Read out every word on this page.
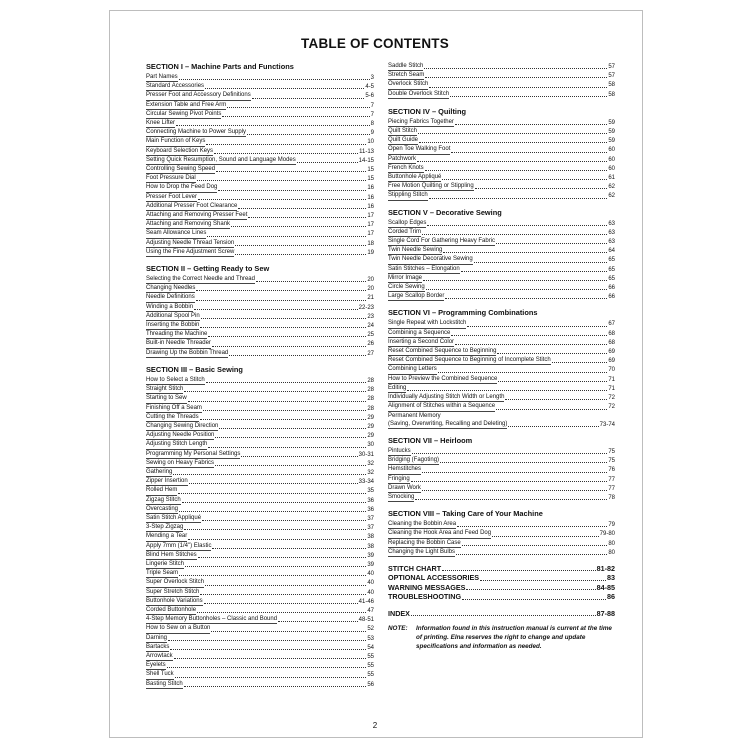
TABLE OF CONTENTS
SECTION I – Machine Parts and Functions
Part Names	3
Standard Accessories	4-5
Presser Foot and Accessory Definitions	5-6
Extension Table and Free Arm	7
Circular Sewing Pivot Points	7
Knee Lifter	8
Connecting Machine to Power Supply	9
Main Function of Keys	10
Keyboard Selection Keys	11-13
Setting Quick Resumption, Sound and Language Modes	14-15
Controlling Sewing Speed	15
Foot Pressure Dial	15
How to Drop the Feed Dog	16
Presser Foot Lever	16
Additional Presser Foot Clearance	16
Attaching and Removing Presser Feet	17
Attaching and Removing Shank	17
Seam Allowance Lines	17
Adjusting Needle Thread Tension	18
Using the Fine Adjustment Screw	19
SECTION II – Getting Ready to Sew
Selecting the Correct Needle and Thread	20
Changing Needles	20
Needle Definitions	21
Winding a Bobbin	22-23
Additional Spool Pin	23
Inserting the Bobbin	24
Threading the Machine	25
Built-in Needle Threader	26
Drawing Up the Bobbin Thread	27
SECTION III – Basic Sewing
How to Select a Stitch	28
Straight Stitch	28
Starting to Sew	28
Finishing Off a Seam	28
Cutting the Threads	29
Changing Sewing Direction	29
Adjusting Needle Position	29
Adjusting Stitch Length	30
Programming My Personal Settings	30-31
Sewing on Heavy Fabrics	32
Gathering	32
Zipper Insertion	33-34
Rolled Hem	35
Zigzag Stitch	36
Overcasting	36
Satin Stitch Appliqué	37
3-Step Zigzag	37
Mending a Tear	38
Apply 7mm (1/4") Elastic	38
Blind Hem Stitches	39
Lingerie Stitch	39
Triple Seam	40
Super Overlock Stitch	40
Super Stretch Stitch	40
Buttonhole Variations	41-46
Corded Buttonhole	47
4-Step Memory Buttonholes – Classic and Bound	48-51
How to Sew on a Button	52
Darning	53
Bartacks	54
Arrowtack	55
Eyelets	55
Shell Tuck	55
Basting Stitch	56
Saddle Stitch	57
Stretch Seam	57
Overlock Stitch	58
Double Overlock Stitch	58
SECTION IV – Quilting
Piecing Fabrics Together	59
Quilt Stitch	59
Quilt Guide	59
Open Toe Walking Foot	60
Patchwork	60
French Knots	60
Buttonhole Appliqué	61
Free Motion Quilting or Stippling	62
Stippling Stitch	62
SECTION V – Decorative Sewing
Scallop Edges	63
Corded Trim	63
Single Cord For Gathering Heavy Fabric	63
Twin Needle Sewing	64
Twin Needle Decorative Sewing	65
Satin Stitches – Elongation	65
Mirror Image	65
Circle Sewing	66
Large Scallop Border	66
SECTION VI – Programming Combinations
Single Repeat with Lockstitch	67
Combining a Sequence	68
Inserting a Second Color	68
Reset Combined Sequence to Beginning	69
Reset Combined Sequence to Beginning of Incomplete Stitch	69
Combining Letters	70
How to Preview the Combined Sequence	71
Editing	71
Individually Adjusting Stitch Width or Length	72
Alignment of Stitches within a Sequence	72
Permanent Memory
(Saving, Overwriting, Recalling and Deleting)	73-74
SECTION VII – Heirloom
Pintucks	75
Bridging (Fagoting)	75
Hemstitches	76
Fringing	77
Drawn Work	77
Smocking	78
SECTION VIII – Taking Care of Your Machine
Cleaning the Bobbin Area	79
Cleaning the Hook Area and Feed Dog	79-80
Replacing the Bobbin Case	80
Changing the Light Bulbs	80
STITCH CHART	81-82
OPTIONAL ACCESSORIES	83
WARNING MESSAGES	84-85
TROUBLESHOOTING	86
INDEX	87-88
NOTE:	Information found in this instruction manual is current at the time of printing. Elna reserves the right to change and update specifications and information as needed.
2
